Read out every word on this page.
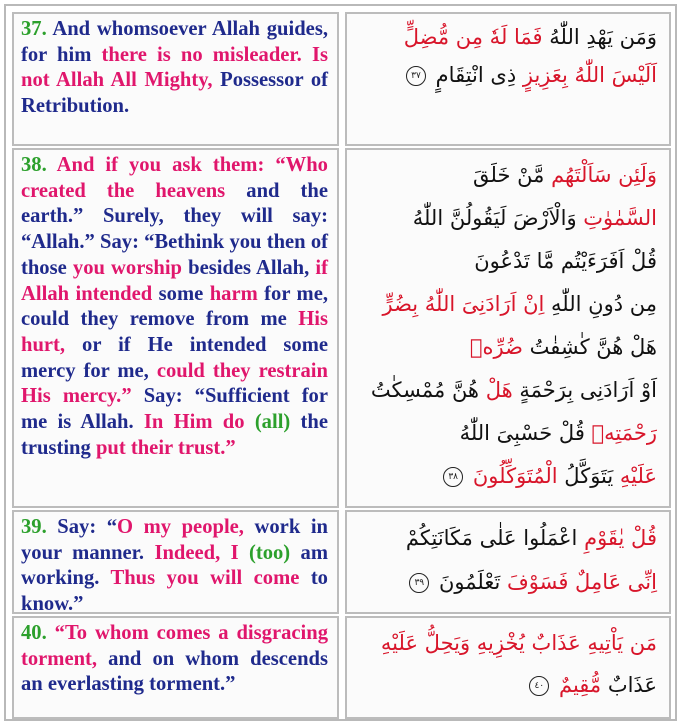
37. And whomsoever Allah guides, for him there is no misleader. Is not Allah All Mighty, Possessor of Retribution.
وَمَن يَهْدِ اللّٰهُ فَمَا لَهٗ مِن مُّضِلٍّ
اَلَيْسَ اللّٰهُ بِعَزِيزٍ ذِى انْتِقَامٍ ٣٧
38. And if you ask them: “Who created the heavens and the earth.” Surely, they will say: “Allah.” Say: “Bethink you then of those you worship besides Allah, if Allah intended some harm for me, could they remove from me His hurt, or if He intended some mercy for me, could they restrain His mercy.” Say: “Sufficient for me is Allah. In Him do (all) the trusting put their trust.”
وَلَئِن سَاَلْتَهُم مَّنْ خَلَقَ
السَّمٰوٰتِ وَالْاَرْضَ لَيَقُولُنَّ اللّٰهُ
قُلْ اَفَرَءَيْتُم مَّا تَدْعُونَ
مِن دُونِ اللّٰهِ اِنْ اَرَادَنِىَ اللّٰهُ بِضُرٍّ
هَلْ هُنَّ كٰشِفٰتُ ضُرِّهٖ
اَوْ اَرَادَنِى بِرَحْمَةٍ هَلْ هُنَّ مُمْسِكٰتُ
رَحْمَتِهٖ قُلْ حَسْبِىَ اللّٰهُ
عَلَيْهِ يَتَوَكَّلُ الْمُتَوَكِّلُونَ ٣٨
39. Say: “O my people, work in your manner. Indeed, I (too) am working. Thus you will come to know.”
قُلْ يٰقَوْمِ اعْمَلُوا عَلٰى مَكَانَتِكُمْ
اِنِّى عَامِلٌ فَسَوْفَ تَعْلَمُونَ ٣٩
40. “To whom comes a disgracing torment, and on whom descends an everlasting torment.”
مَن يَاْتِيهِ عَذَابٌ يُخْزِيهِ وَيَحِلُّ عَلَيْهِ
عَذَابٌ مُّقِيمٌ ٤٠
